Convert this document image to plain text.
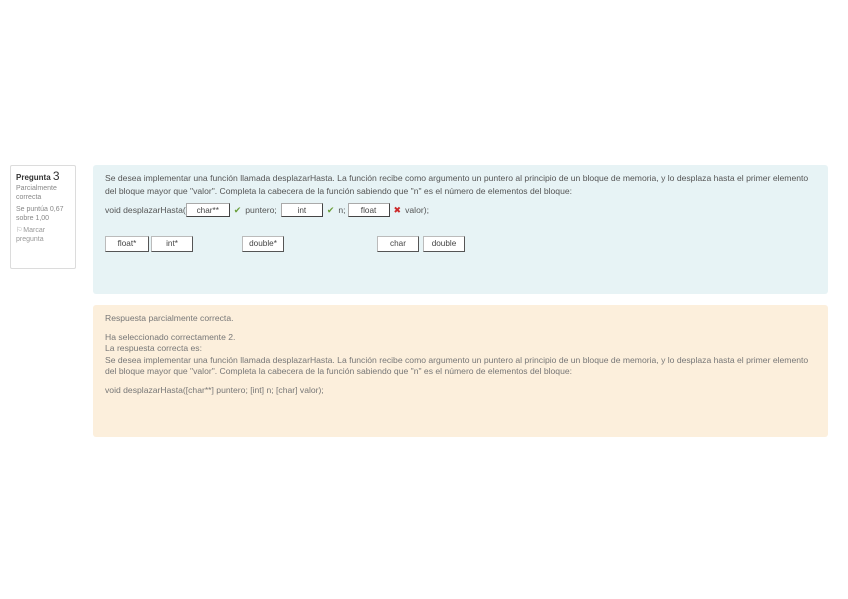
Pregunta 3
Parcialmente correcta
Se puntúa 0,67 sobre 1,00
⚐Marcar pregunta

Se desea implementar una función llamada desplazarHasta. La función recibe como argumento un puntero al principio de un bloque de memoria, y lo desplaza hasta el primer elemento del bloque mayor que "valor". Completa la cabecera de la función sabiendo que "n" es el número de elementos del bloque:

void desplazarHasta(	char**	✔ puntero;	int	✔ n;	float	✖ valor);
float*	int*	double*	char	double

Respuesta parcialmente correcta.

Ha seleccionado correctamente 2.

La respuesta correcta es:

Se desea implementar una función llamada desplazarHasta. La función recibe como argumento un puntero al principio de un bloque de memoria, y lo desplaza hasta el primer elemento del bloque mayor que "valor". Completa la cabecera de la función sabiendo que "n" es el número de elementos del bloque:

void desplazarHasta([char**] puntero; [int] n; [char] valor);
